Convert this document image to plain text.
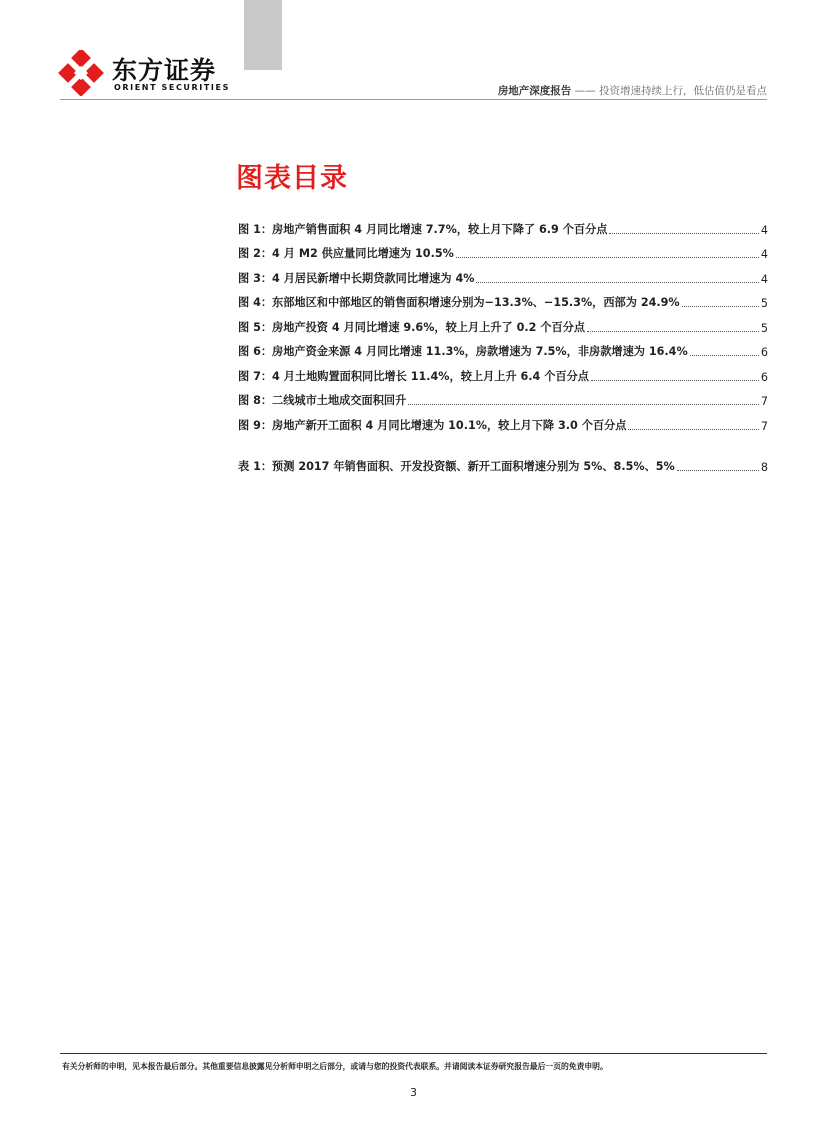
东方证券
ORIENT SECURITIES	房地产深度报告 —— 投资增速持续上行，低估值仍是看点
图表目录
图 1：房地产销售面积 4 月同比增速 7.7%，较上月下降了 6.9 个百分点	4
图 2：4 月 M2 供应量同比增速为 10.5%	4
图 3：4 月居民新增中长期贷款同比增速为 4%	4
图 4：东部地区和中部地区的销售面积增速分别为−13.3%、−15.3%，西部为 24.9%	5
图 5：房地产投资 4 月同比增速 9.6%，较上月上升了 0.2 个百分点	5
图 6：房地产资金来源 4 月同比增速 11.3%，房款增速为 7.5%，非房款增速为 16.4%	6
图 7：4 月土地购置面积同比增长 11.4%，较上月上升 6.4 个百分点	6
图 8：二线城市土地成交面积回升	7
图 9：房地产新开工面积 4 月同比增速为 10.1%，较上月下降 3.0 个百分点	7
表 1：预测 2017 年销售面积、开发投资额、新开工面积增速分别为 5%、8.5%、5%	8
有关分析师的申明，见本报告最后部分。其他重要信息披露见分析师申明之后部分，或请与您的投资代表联系。并请阅读本证券研究报告最后一页的免责申明。
3
